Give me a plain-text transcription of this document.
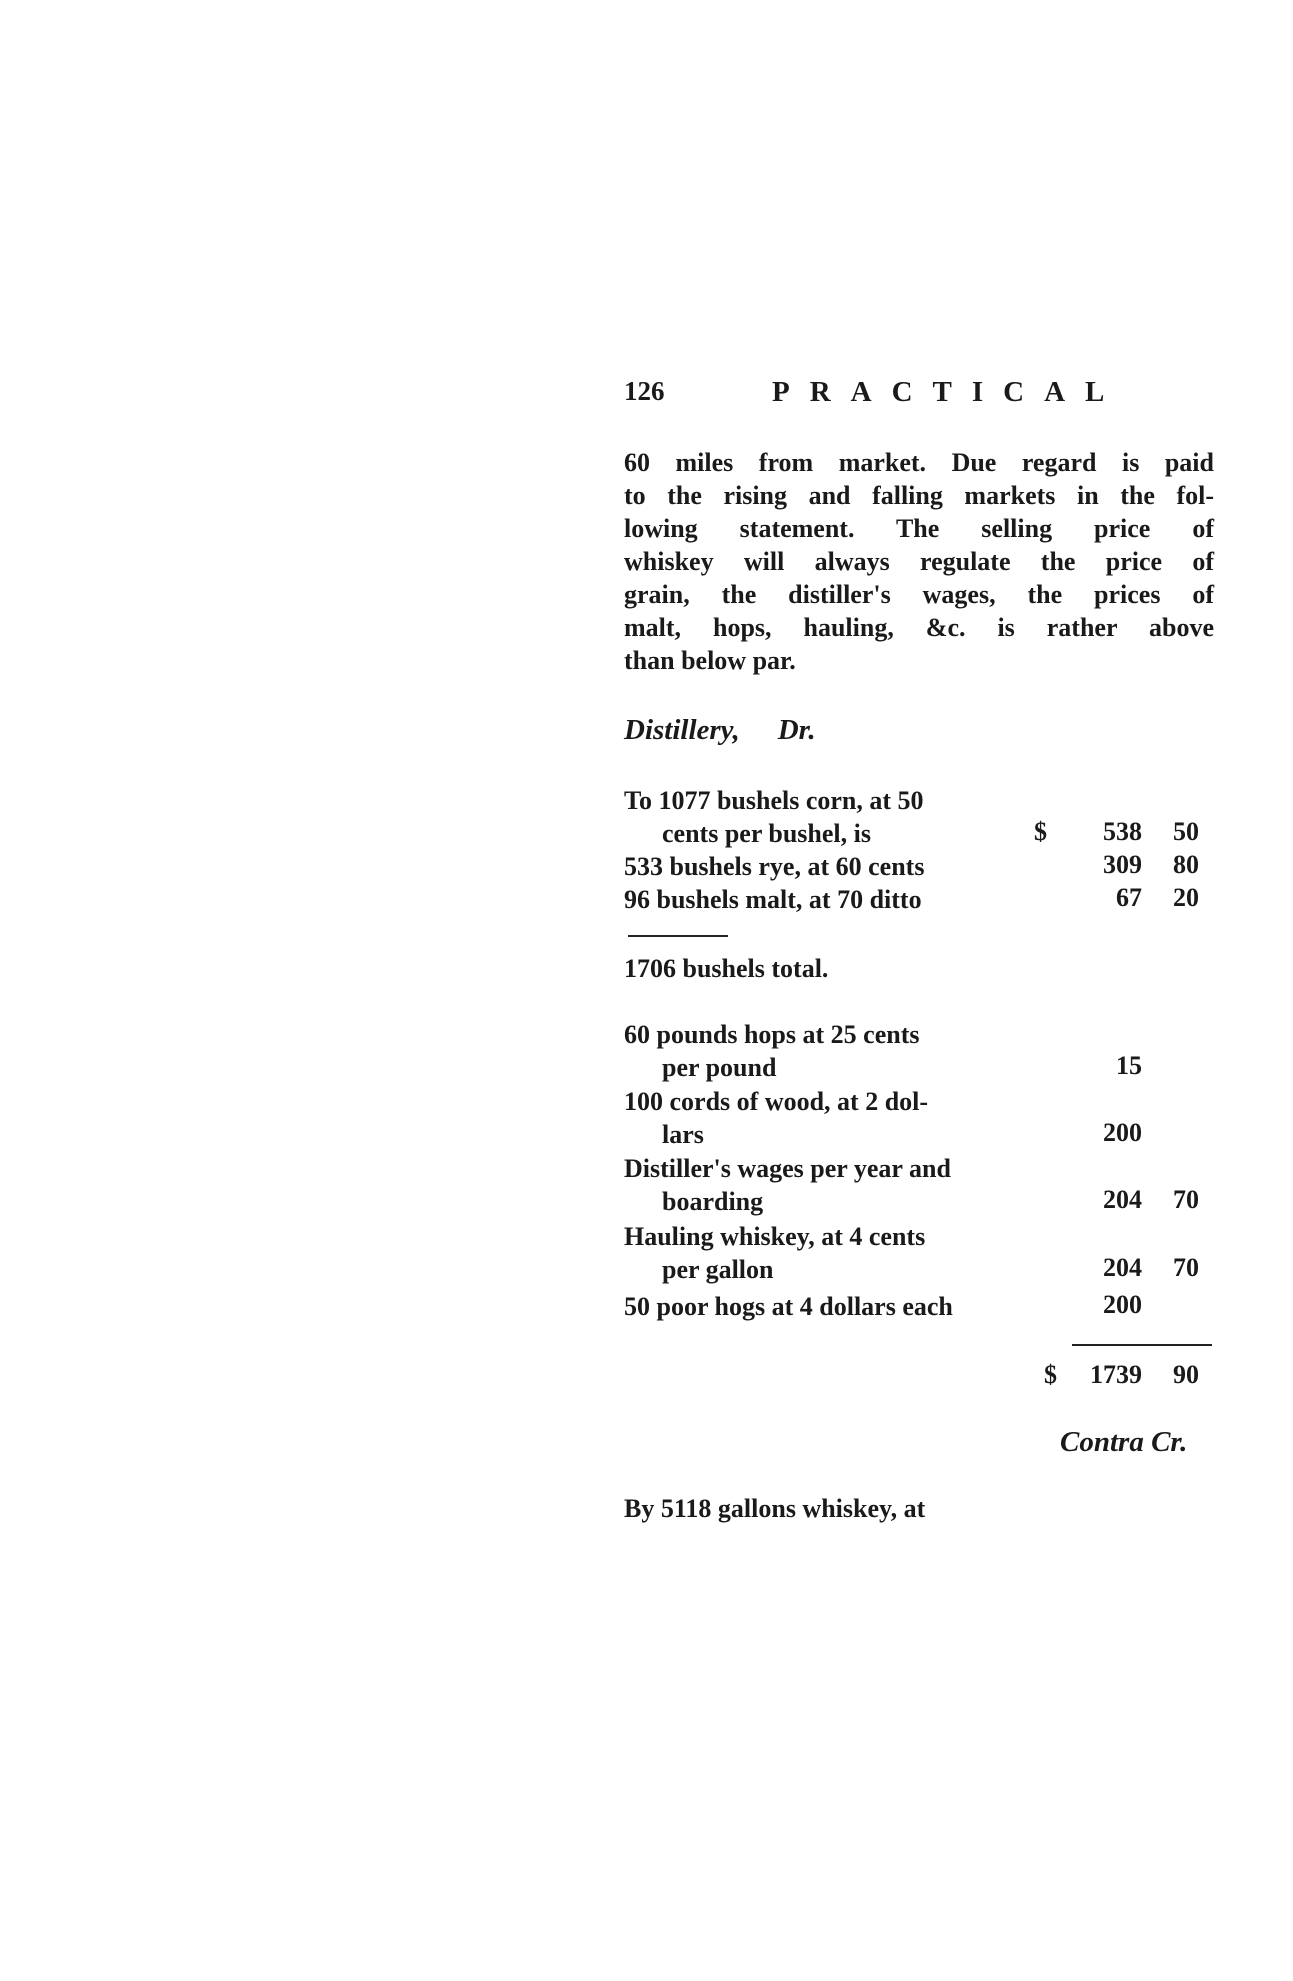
126	PRACTICAL
60 miles from market. Due regard is paid
to the rising and falling markets in the fol-
lowing statement. The selling price of
whiskey will always regulate the price of
grain, the distiller's wages, the prices of
malt, hops, hauling, &c. is rather above
than below par.
Distillery, Dr.
To 1077 bushels corn, at 50
cents per bushel, is	$ 538 50
533 bushels rye, at 60 cents	309 80
96 bushels malt, at 70 ditto	67 20
1706 bushels total.
60 pounds hops at 25 cents
per pound	15
100 cords of wood, at 2 dol-
lars	200
Distiller's wages per year and
boarding	204 70
Hauling whiskey, at 4 cents
per gallon	204 70
50 poor hogs at 4 dollars each	200
$ 1739 90
Contra Cr.
By 5118 gallons whiskey, at
